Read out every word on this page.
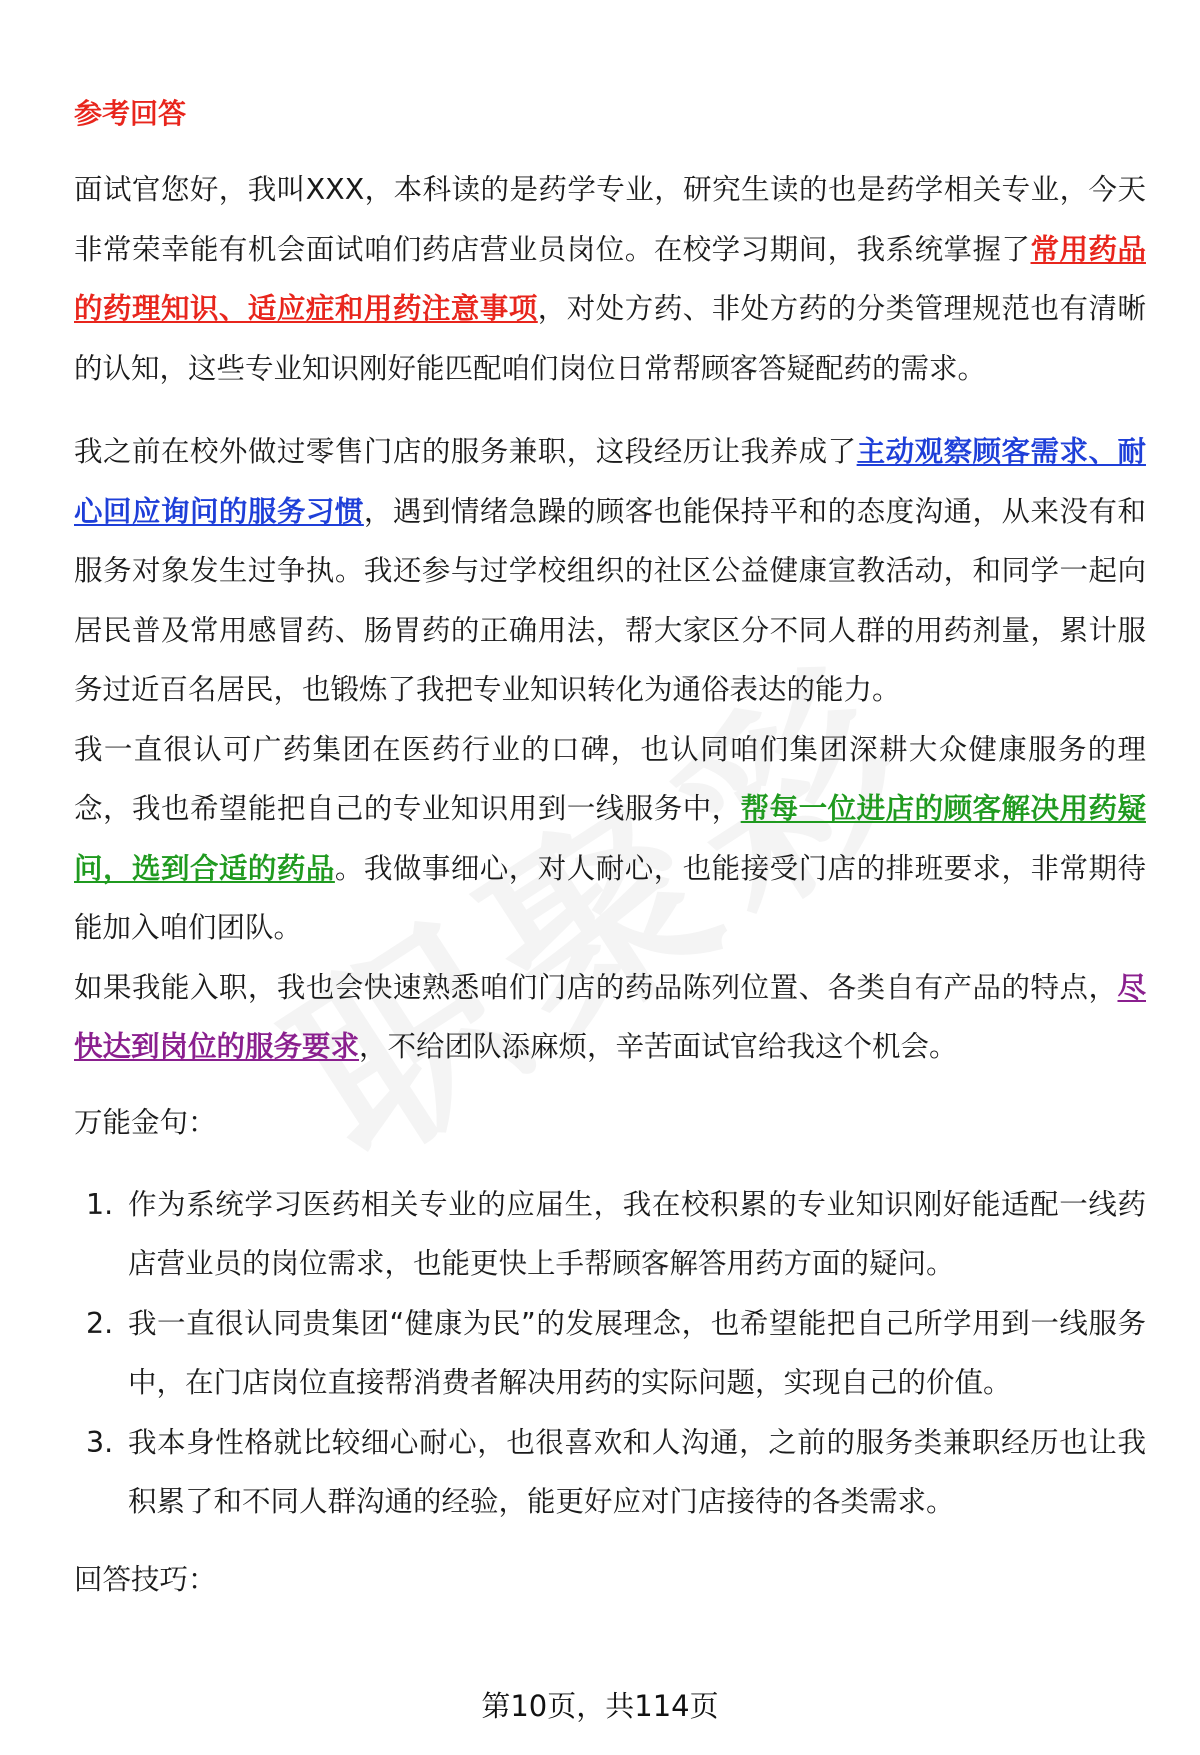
参考回答

面试官您好，我叫XXX，本科读的是药学专业，研究生读的也是药学相关专业，今天非常荣幸能有机会面试咱们药店营业员岗位。在校学习期间，我系统掌握了常用药品的药理知识、适应症和用药注意事项，对处方药、非处方药的分类管理规范也有清晰的认知，这些专业知识刚好能匹配咱们岗位日常帮顾客答疑配药的需求。

我之前在校外做过零售门店的服务兼职，这段经历让我养成了主动观察顾客需求、耐心回应询问的服务习惯，遇到情绪急躁的顾客也能保持平和的态度沟通，从来没有和服务对象发生过争执。我还参与过学校组织的社区公益健康宣教活动，和同学一起向居民普及常用感冒药、肠胃药的正确用法，帮大家区分不同人群的用药剂量，累计服务过近百名居民，也锻炼了我把专业知识转化为通俗表达的能力。

我一直很认可广药集团在医药行业的口碑，也认同咱们集团深耕大众健康服务的理念，我也希望能把自己的专业知识用到一线服务中，帮每一位进店的顾客解决用药疑问，选到合适的药品。我做事细心，对人耐心，也能接受门店的排班要求，非常期待能加入咱们团队。

如果我能入职，我也会快速熟悉咱们门店的药品陈列位置、各类自有产品的特点，尽快达到岗位的服务要求，不给团队添麻烦，辛苦面试官给我这个机会。

万能金句：
1. 作为系统学习医药相关专业的应届生，我在校积累的专业知识刚好能适配一线药店营业员的岗位需求，也能更快上手帮顾客解答用药方面的疑问。
2. 我一直很认同贵集团“健康为民”的发展理念，也希望能把自己所学用到一线服务中，在门店岗位直接帮消费者解决用药的实际问题，实现自己的价值。
3. 我本身性格就比较细心耐心，也很喜欢和人沟通，之前的服务类兼职经历也让我积累了和不同人群沟通的经验，能更好应对门店接待的各类需求。
回答技巧：
第10页，共114页
